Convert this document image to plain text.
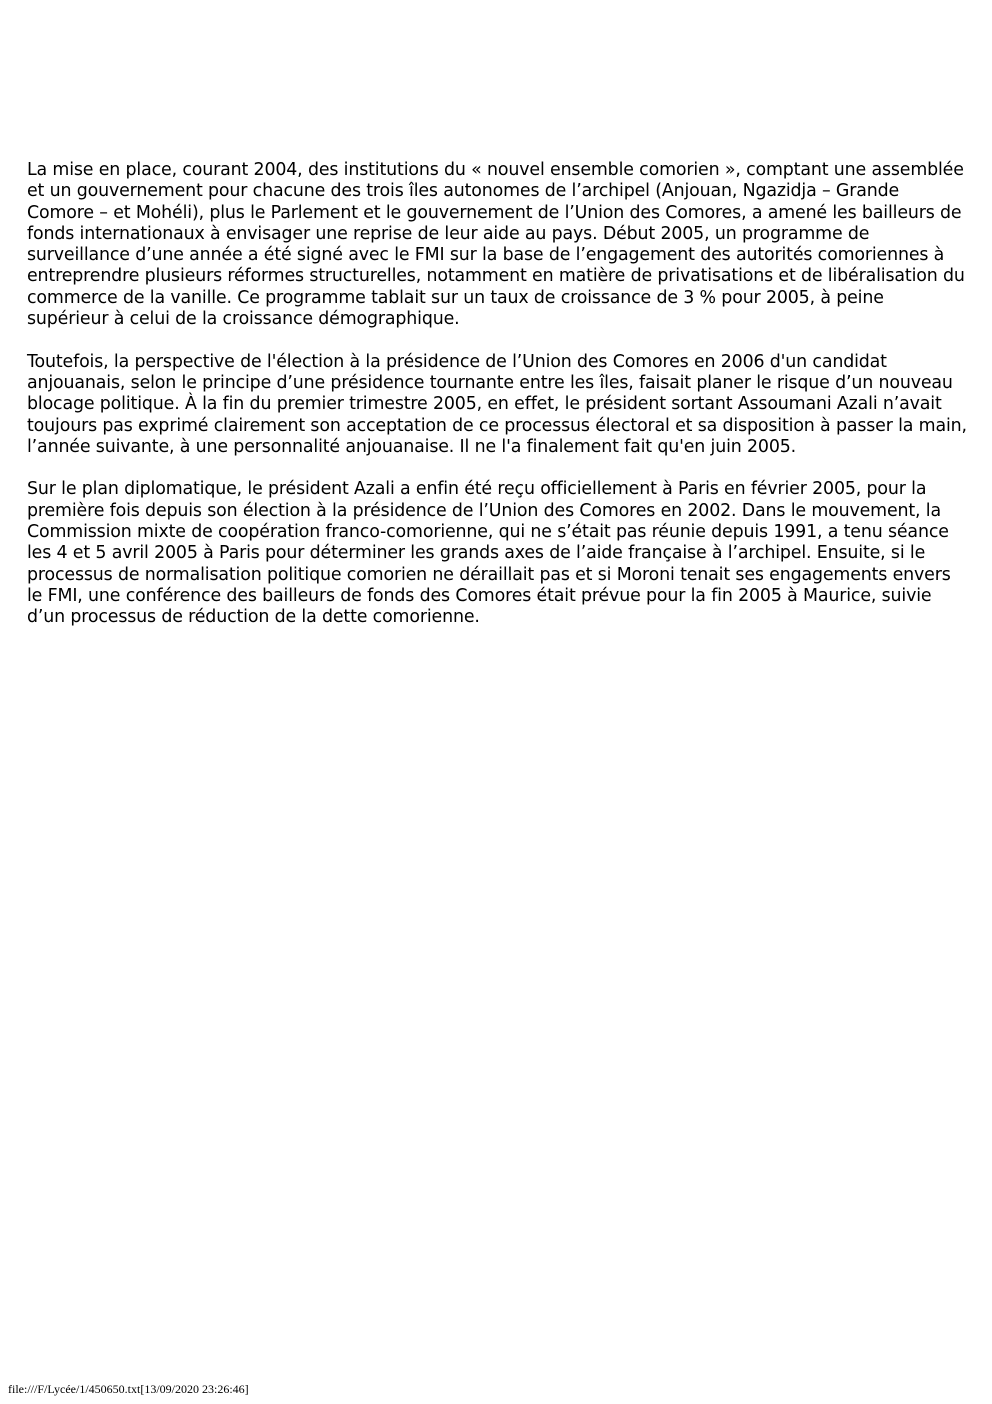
La mise en place, courant 2004, des institutions du « nouvel ensemble comorien », comptant une assemblée et un gouvernement pour chacune des trois îles autonomes de l’archipel (Anjouan, Ngazidja – Grande Comore – et Mohéli), plus le Parlement et le gouvernement de l’Union des Comores, a amené les bailleurs de fonds internationaux à envisager une reprise de leur aide au pays. Début 2005, un programme de surveillance d’une année a été signé avec le FMI sur la base de l’engagement des autorités comoriennes à entreprendre plusieurs réformes structurelles, notamment en matière de privatisations et de libéralisation du commerce de la vanille. Ce programme tablait sur un taux de croissance de 3 % pour 2005, à peine supérieur à celui de la croissance démographique.

Toutefois, la perspective de l'élection à la présidence de l’Union des Comores en 2006 d'un candidat anjouanais, selon le principe d’une présidence tournante entre les îles, faisait planer le risque d’un nouveau blocage politique. À la fin du premier trimestre 2005, en effet, le président sortant Assoumani Azali n’avait toujours pas exprimé clairement son acceptation de ce processus électoral et sa disposition à passer la main, l’année suivante, à une personnalité anjouanaise. Il ne l'a finalement fait qu'en juin 2005.

Sur le plan diplomatique, le président Azali a enfin été reçu officiellement à Paris en février 2005, pour la première fois depuis son élection à la présidence de l’Union des Comores en 2002. Dans le mouvement, la Commission mixte de coopération franco-comorienne, qui ne s’était pas réunie depuis 1991, a tenu séance les 4 et 5 avril 2005 à Paris pour déterminer les grands axes de l’aide française à l’archipel. Ensuite, si le processus de normalisation politique comorien ne déraillait pas et si Moroni tenait ses engagements envers le FMI, une conférence des bailleurs de fonds des Comores était prévue pour la fin 2005 à Maurice, suivie d’un processus de réduction de la dette comorienne.

file:///F/Lycée/1/450650.txt[13/09/2020 23:26:46]
